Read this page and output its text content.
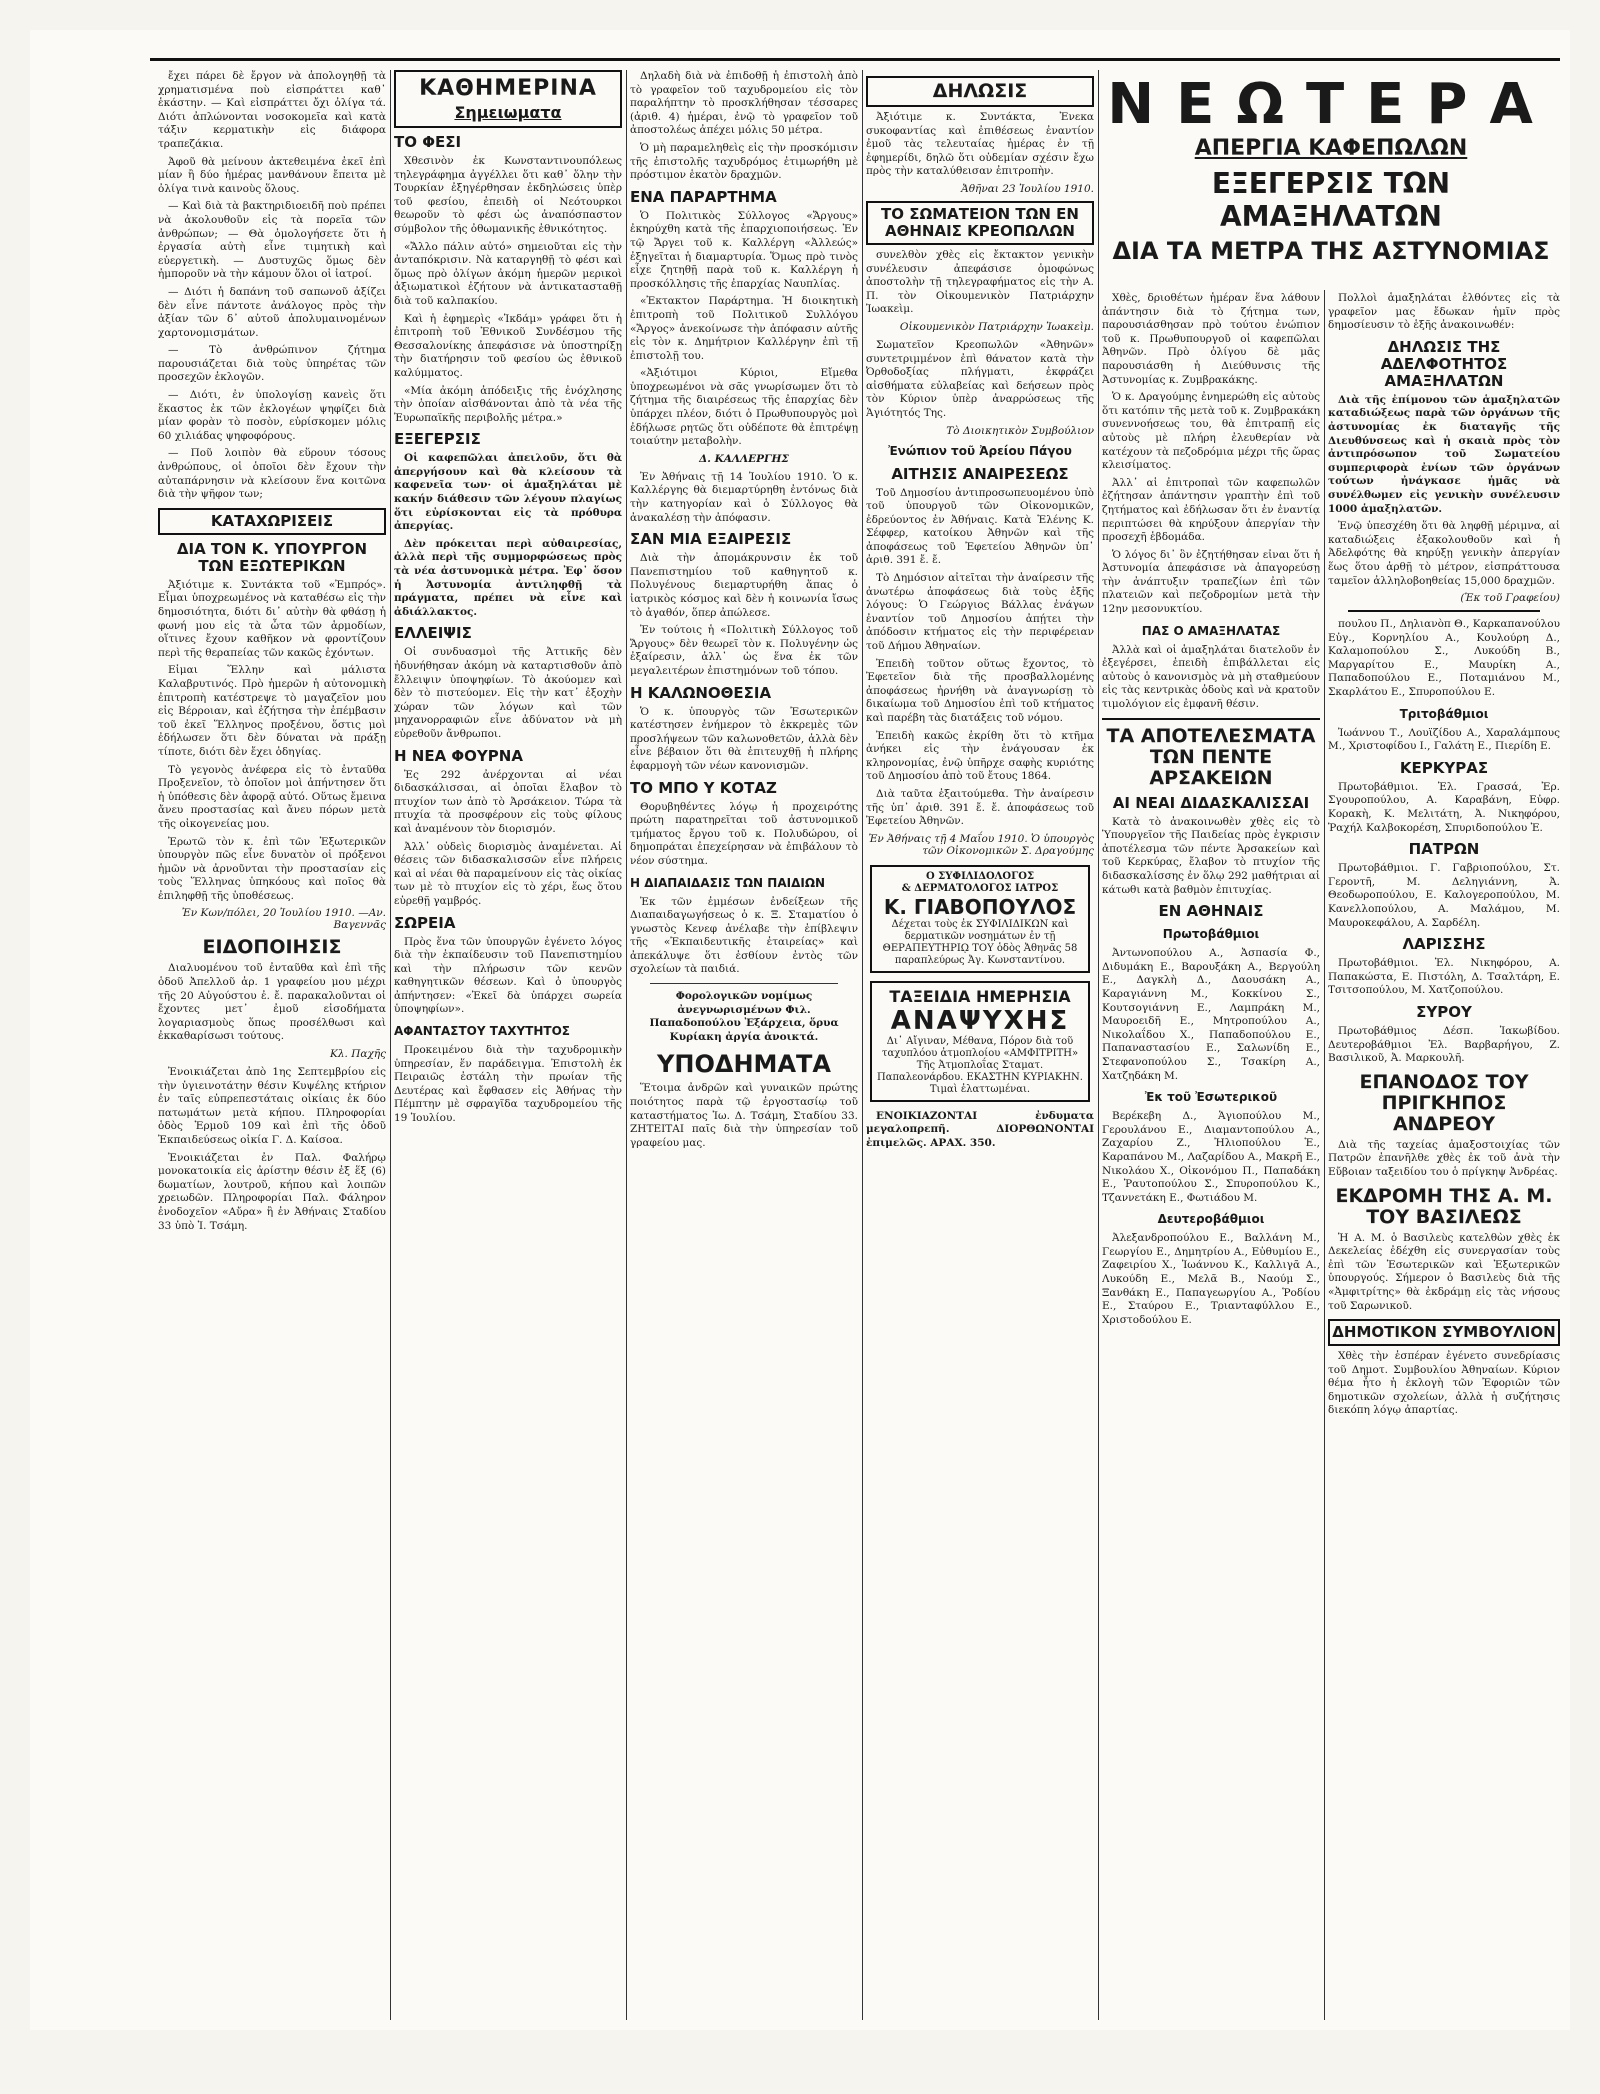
ἔχει πάρει δὲ ἔργον νὰ ἀπολογηθῇ τὰ χρηματισμένα ποὺ εἰσπράττει καθ᾽ ἑκάστην. — Καὶ εἰσπράττει ὄχι ὀλίγα τά. Διότι ἀπλώνονται νοσοκομεῖα καὶ κατὰ τάξιν κερματικὴν εἰς διάφορα τραπεζάκια.

Ἀφοῦ θὰ μείνουν ἀκτεθειμένα ἐκεῖ ἐπὶ μίαν ἢ δύο ἡμέρας μανθάνουν ἔπειτα μὲ ὀλίγα τινὰ καινοὺς ὅλους.

— Καὶ διὰ τὰ βακτηριδιοειδῆ ποὺ πρέπει νὰ ἀκολουθοῦν εἰς τὰ πορεῖα τῶν ἀνθρώπων; — Θὰ ὁμολογήσετε ὅτι ἡ ἐργασία αὐτὴ εἶνε τιμητικὴ καὶ εὐεργετικὴ. — Δυστυχῶς ὅμως δὲν ἠμποροῦν νὰ τὴν κάμουν ὅλοι οἱ ἰατροί.

— Διότι ἡ δαπάνη τοῦ σαπωνοῦ ἀξίζει δὲν εἶνε πάντοτε ἀνάλογος πρὸς τὴν ἀξίαν τῶν δ᾽ αὐτοῦ ἀπολυμαινομένων χαρτονομισμάτων.

— Τὸ ἀνθρώπινον ζήτημα παρουσιάζεται διὰ τοὺς ὑπηρέτας τῶν προσεχῶν ἐκλογῶν.

— Διότι, ἐν ὑπολογίσῃ κανεὶς ὅτι ἕκαστος ἐκ τῶν ἐκλογέων ψηφίζει διὰ μίαν φορὰν τὸ ποσὸν, εὑρίσκομεν μόλις 60 χιλιάδας ψηφοφόρους.

— Ποῦ λοιπὸν θὰ εὕρουν τόσους ἀνθρώπους, οἱ ὁποῖοι δὲν ἔχουν τὴν αὐταπάρνησιν νὰ κλείσουν ἕνα κοιτῶνα διὰ τὴν ψῆφον των;

ΚΑΤΑΧΩΡΙΣΕΙΣ
ΔΙΑ ΤΟΝ Κ. ΥΠΟΥΡΓΟΝ ΤΩΝ ΕΞΩΤΕΡΙΚΩΝ

Ἀξιότιμε κ. Συντάκτα τοῦ «Ἐμπρός». Εἶμαι ὑποχρεωμένος νὰ καταθέσω εἰς τὴν δημοσιότητα, διότι δι᾽ αὐτὴν θὰ φθάσῃ ἡ φωνή μου εἰς τὰ ὦτα τῶν ἁρμοδίων, οἵτινες ἔχουν καθῆκον νὰ φροντίζουν περὶ τῆς θεραπείας τῶν κακῶς ἐχόντων.

Εἶμαι Ἕλλην καὶ μάλιστα Καλαβρυτινός. Πρὸ ἡμερῶν ἡ αὐτονομικὴ ἐπιτροπὴ κατέστρεψε τὸ μαγαζεῖον μου εἰς Βέρροιαν, καὶ ἐζήτησα τὴν ἐπέμβασιν τοῦ ἐκεῖ Ἕλληνος προξένου, ὅστις μοὶ ἐδήλωσεν ὅτι δὲν δύναται νὰ πράξῃ τίποτε, διότι δὲν ἔχει ὁδηγίας.

Τὸ γεγονὸς ἀνέφερα εἰς τὸ ἐνταῦθα Προξενεῖον, τὸ ὁποῖον μοὶ ἀπήντησεν ὅτι ἡ ὑπόθεσις δὲν ἀφορᾷ αὐτό. Οὕτως ἔμεινα ἄνευ προστασίας καὶ ἄνευ πόρων μετὰ τῆς οἰκογενείας μου.

Ἐρωτῶ τὸν κ. ἐπὶ τῶν Ἐξωτερικῶν ὑπουργὸν πῶς εἶνε δυνατὸν οἱ πρόξενοι ἡμῶν νὰ ἀρνοῦνται τὴν προστασίαν εἰς τοὺς Ἕλληνας ὑπηκόους καὶ ποῖος θὰ ἐπιληφθῇ τῆς ὑποθέσεως.

Ἐν Κων/πόλει, 20 Ἰουλίου 1910. —Αν. Βαγεννᾶς
ΕΙΔΟΠΟΙΗΣΙΣ

Διαλυομένου τοῦ ἐνταῦθα καὶ ἐπὶ τῆς ὁδοῦ Ἀπελλοῦ ἀρ. 1 γραφείου μου μέχρι τῆς 20 Αὐγούστου ἐ. ἔ. παρακαλοῦνται οἱ ἔχοντες μετ᾽ ἐμοῦ εἰσοδήματα λογαριασμοὺς ὅπως προσέλθωσι καὶ ἐκκαθαρίσωσι τούτους.

Κλ. Παχῆς

Ἐνοικιάζεται ἀπὸ 1ης Σεπτεμβρίου εἰς τὴν ὑγιεινοτάτην θέσιν Κυψέλης κτήριον ἐν ταῖς εὐπρεπεστάταις οἰκίαις ἐκ δύο πατωμάτων μετὰ κήπου. Πληροφορίαι ὁδὸς Ἑρμοῦ 109 καὶ ἐπὶ τῆς ὁδοῦ Ἐκπαιδεύσεως οἰκία Γ. Δ. Καίσοα.

Ἐνοικιάζεται ἐν Παλ. Φαλήρῳ μονοκατοικία εἰς ἀρίστην θέσιν ἐξ ἕξ (6) δωματίων, λουτροῦ, κήπου καὶ λοιπῶν χρειωδῶν. Πληροφορίαι Παλ. Φάληρον ἐνοδοχεῖον «Αὔρα» ἢ ἐν Ἀθήναις Σταδίου 33 ὑπὸ Ἰ. Τσάμη.

ΚΑΘΗΜΕΡΙΝΑ
Σημειωματα
ΤΟ ΦΕΣΙ

Χθεσινὸν ἐκ Κωνσταντινουπόλεως τηλεγράφημα ἀγγέλλει ὅτι καθ᾽ ὅλην τὴν Τουρκίαν ἐξηγέρθησαν ἐκδηλώσεις ὑπὲρ τοῦ φεσίου, ἐπειδὴ οἱ Νεότουρκοι θεωροῦν τὸ φέσι ὡς ἀναπόσπαστον σύμβολον τῆς ὀθωμανικῆς ἐθνικότητος.

«Ἄλλο πάλιν αὐτό» σημειοῦται εἰς τὴν ἀνταπόκρισιν. Νὰ καταργηθῇ τὸ φέσι καὶ ὅμως πρὸ ὀλίγων ἀκόμη ἡμερῶν μερικοὶ ἀξιωματικοὶ ἐζήτουν νὰ ἀντικατασταθῇ διὰ τοῦ καλπακίου.

Καὶ ἡ ἐφημερὶς «Ἰκδάμ» γράφει ὅτι ἡ ἐπιτροπὴ τοῦ Ἐθνικοῦ Συνδέσμου τῆς Θεσσαλονίκης ἀπεφάσισε νὰ ὑποστηρίξῃ τὴν διατήρησιν τοῦ φεσίου ὡς ἐθνικοῦ καλύμματος.

«Μία ἀκόμη ἀπόδειξις τῆς ἐνόχλησης τὴν ὁποίαν αἰσθάνονται ἀπὸ τὰ νέα τῆς Ἐυρωπαϊκῆς περιβολῆς μέτρα.»

ΕΞΕΓΕΡΣΙΣ

Οἱ καφεπῶλαι ἀπειλοῦν, ὅτι θὰ ἀπεργήσουν καὶ θὰ κλείσουν τὰ καφενεῖα των· οἱ ἁμαξηλάται μὲ κακήν διάθεσιν τῶν λέγουν πλαγίως ὅτι εὑρίσκονται εἰς τὰ πρόθυρα ἀπεργίας.

Δὲν πρόκειται περὶ αὐθαιρεσίας, ἀλλὰ περὶ τῆς συμμορφώσεως πρὸς τὰ νέα ἀστυνομικὰ μέτρα. Ἐφ᾽ ὅσον ἡ Ἀστυνομία ἀντιληφθῇ τὰ πράγματα, πρέπει νὰ εἶνε καὶ ἀδιάλλακτος.

ΕΛΛΕΙΨΙΣ

Οἱ συνδυασμοὶ τῆς Ἀττικῆς δὲν ἠδυνήθησαν ἀκόμη νὰ καταρτισθοῦν ἀπὸ ἔλλειψιν ὑποψηφίων. Τὸ ἀκούομεν καὶ δὲν τὸ πιστεύομεν. Εἰς τὴν κατ᾽ ἐξοχὴν χώραν τῶν λόγων καὶ τῶν μηχανορραφιῶν εἶνε ἀδύνατον νὰ μὴ εὑρεθοῦν ἄνθρωποι.

Η ΝΕΑ ΦΟΥΡΝΑ

Ἐς 292 ἀνέρχονται αἱ νέαι διδασκάλισσαι, αἱ ὁποῖαι ἔλαβον τὸ πτυχίον των ἀπὸ τὸ Ἀρσάκειον. Τώρα τὰ πτυχία τὰ προσφέρουν εἰς τοὺς φίλους καὶ ἀναμένουν τὸν διορισμόν.

Ἀλλ᾽ οὐδεὶς διορισμὸς ἀναμένεται. Αἱ θέσεις τῶν διδασκαλισσῶν εἶνε πλήρεις καὶ αἱ νέαι θὰ παραμείνουν εἰς τὰς οἰκίας των μὲ τὸ πτυχίον εἰς τὸ χέρι, ἕως ὅτου εὑρεθῇ γαμβρός.

ΣΩΡΕΙΑ

Πρὸς ἕνα τῶν ὑπουργῶν ἐγένετο λόγος διὰ τὴν ἐκπαίδευσιν τοῦ Πανεπιστημίου καὶ τὴν πλήρωσιν τῶν κενῶν καθηγητικῶν θέσεων. Καὶ ὁ ὑπουργὸς ἀπήντησεν: «Ἐκεῖ δὰ ὑπάρχει σωρεία ὑποψηφίων».

ΑΦΑΝΤΑΣΤΟΥ ΤΑΧΥΤΗΤΟΣ

Προκειμένου διὰ τὴν ταχυδρομικὴν ὑπηρεσίαν, ἕν παράδειγμα. Ἐπιστολὴ ἐκ Πειραιῶς ἐστάλη τὴν πρωίαν τῆς Δευτέρας καὶ ἔφθασεν εἰς Ἀθήνας τὴν Πέμπτην μὲ σφραγῖδα ταχυδρομείου τῆς 19 Ἰουλίου.

Δηλαδὴ διὰ νὰ ἐπιδοθῇ ἡ ἐπιστολὴ ἀπὸ τὸ γραφεῖον τοῦ ταχυδρομείου εἰς τὸν παραλήπτην τὸ προσκλήθησαν τέσσαρες (ἀριθ. 4) ἡμέραι, ἐνῷ τὸ γραφεῖον τοῦ ἀποστολέως ἀπέχει μόλις 50 μέτρα.

Ὁ μὴ παραμεληθεὶς εἰς τὴν προσκόμισιν τῆς ἐπιστολῆς ταχυδρόμος ἐτιμωρήθη μὲ πρόστιμον ἑκατὸν δραχμῶν.

ΕΝΑ ΠΑΡΑΡΤΗΜΑ

Ὁ Πολιτικὸς Σύλλογος «Ἄργους» ἐκηρύχθη κατὰ τῆς ἐπαρχιοποιήσεως. Ἐν τῷ Ἄργει τοῦ κ. Καλλέργη «Ἀλλεώς» ἐξηγεῖται ἡ διαμαρτυρία. Ὅμως πρὸ τινὸς εἶχε ζητηθῇ παρὰ τοῦ κ. Καλλέργη ἡ προσκόλλησις τῆς ἐπαρχίας Ναυπλίας.

«Ἐκτακτον Παράρτημα. Ἡ διοικητικὴ ἐπιτροπὴ τοῦ Πολιτικοῦ Συλλόγου «Ἄργος» ἀνεκοίνωσε τὴν ἀπόφασιν αὐτῆς εἰς τὸν κ. Δημήτριον Καλλέργην ἐπὶ τῇ ἐπιστολῇ του.

«Ἀξιότιμοι Κύριοι, Εἴμεθα ὑποχρεωμένοι νὰ σᾶς γνωρίσωμεν ὅτι τὸ ζήτημα τῆς διαιρέσεως τῆς ἐπαρχίας δὲν ὑπάρχει πλέον, διότι ὁ Πρωθυπουργὸς μοὶ ἐδήλωσε ρητῶς ὅτι οὐδέποτε θὰ ἐπιτρέψῃ τοιαύτην μεταβολὴν.

Δ. ΚΑΛΛΕΡΓΗΣ

Ἐν Ἀθήναις τῇ 14 Ἰουλίου 1910. Ὁ κ. Καλλέργης θὰ διεμαρτύρηθη ἐντόνως διὰ τὴν κατηγορίαν καὶ ὁ Σύλλογος θὰ ἀνακαλέσῃ τὴν ἀπόφασιν.

ΣΑΝ ΜΙΑ ΕΞΑΙΡΕΣΙΣ

Διὰ τὴν ἀπομάκρυνσιν ἐκ τοῦ Πανεπιστημίου τοῦ καθηγητοῦ κ. Πολυγένους διεμαρτυρήθη ἅπας ὁ ἰατρικὸς κόσμος καὶ δὲν ἡ κοινωνία ἴσως τὸ ἀγαθόν, ὅπερ ἀπώλεσε.

Ἐν τούτοις ἡ «Πολιτικὴ Σύλλογος τοῦ Ἄργους» δὲν θεωρεῖ τὸν κ. Πολυγένην ὡς ἐξαίρεσιν, ἀλλ᾽ ὡς ἕνα ἐκ τῶν μεγαλειτέρων ἐπιστημόνων τοῦ τόπου.

Η ΚΑΛΩΝΟΘΕΣΙΑ

Ὁ κ. ὑπουργὸς τῶν Ἐσωτερικῶν κατέστησεν ἐνήμερον τὸ ἐκκρεμὲς τῶν προσλήψεων τῶν καλωνοθετῶν, ἀλλὰ δὲν εἶνε βέβαιον ὅτι θὰ ἐπιτευχθῇ ἡ πλήρης ἐφαρμογὴ τῶν νέων κανονισμῶν.

ΤΟ ΜΠΟ Υ ΚΟΤΑΖ

Θορυβηθέντες λόγῳ ἡ προχειρότης πρώτη παρατηρεῖται τοῦ ἀστυνομικοῦ τμήματος ἔργου τοῦ κ. Πολυδώρου, οἱ δημοπράται ἐπεχείρησαν νὰ ἐπιβάλουν τὸ νέον σύστημα.

Η ΔΙΑΠΑΙΔΑΣΙΣ ΤΩΝ ΠΑΙΔΙΩΝ

Ἐκ τῶν ἐμμέσων ἐνδείξεων τῆς Διαπαιδαγωγήσεως ὁ κ. Ξ. Σταματίου ὁ γνωστὸς Κενεφ ἀνέλαβε τὴν ἐπίβλεψιν τῆς «Ἐκπαιδευτικῆς ἐταιρείας» καὶ ἀπεκάλυψε ὅτι ἐσθίουν ἐντὸς τῶν σχολείων τὰ παιδιά.

Φορολογικῶν νομίμως ἀνεγνωρισμένων Φιλ. Παπαδοπούλου Ἐξάρχεια, ὅρυα Κυρίακη ἀργία ἀνοικτά.

ΥΠΟΔΗΜΑΤΑ

Ἕτοιμα ἀνδρῶν καὶ γυναικῶν πρώτης ποιότητος παρὰ τῷ ἐργοστασίῳ τοῦ καταστήματος Ἰω. Δ. Τσάμη, Σταδίου 33. ΖΗΤΕΙΤΑΙ παῖς διὰ τὴν ὑπηρεσίαν τοῦ γραφείου μας.

ΔΗΛΩΣΙΣ

Ἀξιότιμε κ. Συντάκτα, Ἐνεκα συκοφαντίας καὶ ἐπιθέσεως ἐναντίον ἐμοῦ τὰς τελευταίας ἡμέρας ἐν τῇ ἐφημερίδι, δηλῶ ὅτι οὐδεμίαν σχέσιν ἔχω πρὸς τὴν καταλύθεισαν ἐπιτροπὴν.

Ἀθῆναι 23 Ἰουλίου 1910.
ΤΟ ΣΩΜΑΤΕΙΟΝ ΤΩΝ ΕΝ ΑΘΗΝΑΙΣ ΚΡΕΟΠΩΛΩΝ

συνελθὸν χθὲς εἰς ἔκτακτον γενικὴν συνέλευσιν ἀπεφάσισε ὁμοφώνως ἀποστολὴν τῇ τηλεγραφήματος εἰς τὴν Α. Π. τὸν Οἰκουμενικὸν Πατριάρχην Ἰωακεὶμ.

Οἰκουμενικὸν Πατριάρχην Ἰωακεὶμ.

Σωματεῖον Κρεοπωλῶν «Ἀθηνῶν» συντετριμμένον ἐπὶ θάνατον κατὰ τὴν Ὀρθοδοξίας πλήγματι, ἐκφράζει αἰσθήματα εὐλαβείας καὶ δεήσεων πρὸς τὸν Κύριον ὑπὲρ ἀναρρώσεως τῆς Ἁγιότητός Της.

Τὸ Διοικητικὸν Συμβούλιον
Ἐνώπιον τοῦ Ἀρείου Πάγου
ΑΙΤΗΣΙΣ ΑΝΑΙΡΕΣΕΩΣ

Τοῦ Δημοσίου ἀντιπροσωπευομένου ὑπὸ τοῦ ὑπουργοῦ τῶν Οἰκονομικῶν, ἐδρεύοντος ἐν Ἀθήναις. Κατὰ Ἑλένης Κ. Σέφφερ, κατοίκου Ἀθηνῶν καὶ τῆς ἀποφάσεως τοῦ Ἐφετείου Ἀθηνῶν ὑπ᾽ ἀριθ. 391 ἔ. ἔ.

Τὸ Δημόσιον αἰτεῖται τὴν ἀναίρεσιν τῆς ἀνωτέρω ἀποφάσεως διὰ τοὺς ἑξῆς λόγους: Ὁ Γεώργιος Βάλλας ἐνάγων ἐναντίον τοῦ Δημοσίου ἀπῄτει τὴν ἀπόδοσιν κτήματος εἰς τὴν περιφέρειαν τοῦ Δήμου Ἀθηναίων.

Ἐπειδὴ τοῦτον οὕτως ἔχοντος, τὸ Ἐφετεῖον διὰ τῆς προσβαλλομένης ἀποφάσεως ἠρνήθη νὰ ἀναγνωρίσῃ τὸ δικαίωμα τοῦ Δημοσίου ἐπὶ τοῦ κτήματος καὶ παρέβη τὰς διατάξεις τοῦ νόμου.

Ἐπειδὴ κακῶς ἐκρίθη ὅτι τὸ κτῆμα ἀνήκει εἰς τὴν ἐνάγουσαν ἐκ κληρονομίας, ἐνῷ ὑπῆρχε σαφὴς κυριότης τοῦ Δημοσίου ἀπὸ τοῦ ἔτους 1864.

Διὰ ταῦτα ἐξαιτούμεθα. Τὴν ἀναίρεσιν τῆς ὑπ᾽ ἀριθ. 391 ἔ. ἔ. ἀποφάσεως τοῦ Ἐφετείου Ἀθηνῶν.

Ἐν Ἀθήναις τῇ 4 Μαΐου 1910. Ὁ ὑπουργὸς τῶν Οἰκονομικῶν Σ. Δραγούμης
Ο ΣΥΦΙΛΙΔΟΛΟΓΟΣ
& ΔΕΡΜΑΤΟΛΟΓΟΣ ΙΑΤΡΟΣ
Κ. ΓΙΑΒΟΠΟΥΛΟΣ
Δέχεται τοὺς ἐκ ΣΥΦΙΛΙΔΙΚΩΝ καὶ δερματικῶν νοσημάτων ἐν τῇ ΘΕΡΑΠΕΥΤΗΡΙῼ ΤΟΥ ὁδὸς Ἀθηνᾶς 58 παραπλεύρως Ἀγ. Κωνσταντίνου.
ΤΑΞΕΙΔΙΑ ΗΜΕΡΗΣΙΑ
ΑΝΑΨΥΧΗΣ
Δι᾽ Αἴγιναν, Μέθανα, Πόρον διὰ τοῦ ταχυπλόου ἀτμοπλοίου «ΑΜΦΙΤΡΙΤΗ» Τῆς Ἀτμοπλοΐας Σταματ. Παπαλεονάρδου. ΕΚΑΣΤΗΝ ΚΥΡΙΑΚΗΝ. Τιμαὶ ἐλαττωμέναι.

ΕΝΟΙΚΙΑΖΟΝΤΑΙ ἐνδυματα μεγαλοπρεπῆ. ΔΙΟΡΘΩΝΟΝΤΑΙ ἐπιμελῶς. ΑΡΑΧ. 350.

ΝΕΩΤΕΡΑ
ΑΠΕΡΓΙΑ ΚΑΦΕΠΩΛΩΝ
ΕΞΕΓΕΡΣΙΣ ΤΩΝ ΑΜΑΞΗΛΑΤΩΝ
ΔΙΑ ΤΑ ΜΕΤΡΑ ΤΗΣ ΑΣΤΥΝΟΜΙΑΣ

Χθὲς, δριοθέτων ἡμέραν ἕνα λάθουν ἀπάντησιν διὰ τὸ ζήτημα των, παρουσιάσθησαν πρὸ τούτου ἐνώπιον τοῦ κ. Πρωθυπουργοῦ οἱ καφεπῶλαι Ἀθηνῶν. Πρὸ ὀλίγου δὲ μᾶς παρουσιάσθη ἡ Διεύθυνσις τῆς Ἀστυνομίας κ. Ζυμβρακάκης.

Ὁ κ. Δραγούμης ἐνημερώθη εἰς αὐτοὺς ὅτι κατόπιν τῆς μετὰ τοῦ κ. Ζυμβρακάκη συνεννοήσεως του, θὰ ἐπιτραπῇ εἰς αὐτοὺς μὲ πλήρη ἐλευθερίαν νὰ κατέχουν τὰ πεζοδρόμια μέχρι τῆς ὥρας κλεισίματος.

Ἀλλ᾽ αἱ ἐπιτροπαὶ τῶν καφεπωλῶν ἐζήτησαν ἀπάντησιν γραπτὴν ἐπὶ τοῦ ζητήματος καὶ ἐδήλωσαν ὅτι ἐν ἐναντίᾳ περιπτώσει θὰ κηρύξουν ἀπεργίαν τὴν προσεχῆ ἑβδομάδα.

Ὁ λόγος δι᾽ ὃν ἐζητήθησαν εἶναι ὅτι ἡ Ἀστυνομία ἀπεφάσισε νὰ ἀπαγορεύσῃ τὴν ἀνάπτυξιν τραπεζίων ἐπὶ τῶν πλατειῶν καὶ πεζοδρομίων μετὰ τὴν 12ην μεσονυκτίου.

ΠΑΣ Ο ΑΜΑΞΗΛΑΤΑΣ

Ἀλλὰ καὶ οἱ ἁμαξηλάται διατελοῦν ἐν ἐξεγέρσει, ἐπειδὴ ἐπιβάλλεται εἰς αὐτοὺς ὁ κανονισμὸς νὰ μὴ σταθμεύουν εἰς τὰς κεντρικὰς ὁδοὺς καὶ νὰ κρατοῦν τιμολόγιον εἰς ἐμφανῆ θέσιν.

ΤΑ ΑΠΟΤΕΛΕΣΜΑΤΑ ΤΩΝ ΠΕΝΤΕ ΑΡΣΑΚΕΙΩΝ
ΑΙ ΝΕΑΙ ΔΙΔΑΣΚΑΛΙΣΣΑΙ

Κατὰ τὸ ἀνακοινωθὲν χθὲς εἰς τὸ Ὑπουργεῖον τῆς Παιδείας πρὸς ἐγκρισιν ἀποτέλεσμα τῶν πέντε Ἀρσακείων καὶ τοῦ Κερκύρας, ἔλαβον τὸ πτυχίον τῆς διδασκαλίσσης ἐν ὅλῳ 292 μαθήτριαι αἱ κάτωθι κατὰ βαθμὸν ἐπιτυχίας.

ΕΝ ΑΘΗΝΑΙΣ
Πρωτοβάθμιοι

Ἀντωνοπούλου Α., Ἀσπασία Φ., Διδυμάκη Ε., Βαρουξάκη Α., Βεργούλη Ε., Δαγκλὴ Δ., Δαουσάκη Α., Καραγιάννη Μ., Κοκκίνου Σ., Κουτσογιάννη Ε., Λαμπράκη Μ., Μαυροειδῆ Ε., Μητροπούλου Α., Νικολαΐδου Χ., Παπαδοπούλου Ε., Παπαναστασίου Ε., Σαλωνίδη Ε., Στεφανοπούλου Σ., Τσακίρη Α., Χατζηδάκη Μ.

Ἐκ τοῦ Ἐσωτερικοῦ

Βερέκεβη Δ., Ἁγιοπούλου Μ., Γερουλάνου Ε., Διαμαντοπούλου Α., Ζαχαρίου Ζ., Ἠλιοπούλου Ἑ., Καραπάνου Μ., Λαζαρίδου Α., Μακρῆ Ε., Νικολάου Χ., Οἰκονόμου Π., Παπαδάκη Ε., Ῥαυτοπούλου Σ., Σπυροπούλου Κ., Τζαννετάκη Ε., Φωτιάδου Μ.

Δευτεροβάθμιοι

Ἀλεξανδροπούλου Ε., Βαλλάνη Μ., Γεωργίου Ε., Δημητρίου Α., Εὐθυμίου Ε., Ζαφειρίου Χ., Ἰωάννου Κ., Καλλιγᾶ Α., Λυκούδη Ε., Μελᾶ Β., Ναούμ Σ., Ξανθάκη Ε., Παπαγεωργίου Α., Ῥοδίου Ε., Σταύρου Ε., Τριανταφύλλου Ε., Χριστοδούλου Ε.

Πολλοὶ ἁμαξηλάται ἐλθόντες εἰς τὰ γραφεῖον μας ἔδωκαν ἡμῖν πρὸς δημοσίευσιν τὸ ἑξῆς ἀνακοινωθέν:

ΔΗΛΩΣΙΣ ΤΗΣ ΑΔΕΛΦΟΤΗΤΟΣ ΑΜΑΞΗΛΑΤΩΝ

Διὰ τῆς ἐπίμονου τῶν ἁμαξηλατῶν καταδιώξεως παρὰ τῶν ὀργάνων τῆς ἀστυνομίας ἐκ διαταγῆς τῆς Διευθύνσεως καὶ ἡ σκαιὰ πρὸς τὸν ἀντιπρόσωπον τοῦ Σωματείου συμπεριφορὰ ἐνίων τῶν ὀργάνων τούτων ἠνάγκασε ἡμᾶς νὰ συνέλθωμεν εἰς γενικὴν συνέλευσιν 1000 ἁμαξηλατῶν.

Ἐνῷ ὑπεσχέθη ὅτι θὰ ληφθῇ μέριμνα, αἱ καταδιώξεις ἐξακολουθοῦν καὶ ἡ Ἀδελφότης θὰ κηρύξῃ γενικὴν ἀπεργίαν ἕως ὅτου ἀρθῇ τὸ μέτρον, εἰσπράττουσα ταμεῖον ἀλληλοβοηθείας 15,000 δραχμῶν.

(Ἐκ τοῦ Γραφείου)

πουλου Π., Δηλιανὸπ Θ., Καρκαπανούλου Εὐγ., Κορνηλίου Α., Κουλούρη Δ., Καλαμοπούλου Σ., Λυκούδη Β., Μαργαρίτου Ε., Μαυρίκη Α., Παπαδοπούλου Ε., Ποταμιάνου Μ., Σκαρλάτου Ε., Σπυροπούλου Ε.

Τριτοβάθμιοι

Ἰωάννου Τ., Λουϊζίδου Α., Χαραλάμπους Μ., Χριστοφίδου Ι., Γαλάτη Ε., Πιερίδη Ε.

ΚΕΡΚΥΡΑΣ

Πρωτοβάθμιοι. Ἐλ. Γρασσά, Ἐρ. Σγουροπούλου, Α. Καραβάνη, Εὐφρ. Κορακὴ, Κ. Μελιτάτη, Ἀ. Νικηφόρου, Ῥαχήλ Καλβοκορέση, Σπυριδοπούλου Ἐ.

ΠΑΤΡΩΝ

Πρωτοβάθμιοι. Γ. Γαβριοπούλου, Στ. Γεροντῆ, Μ. Δεληγιάννη, Ἀ. Θεοδωροπούλου, Ε. Καλογεροπούλου, Μ. Κανελλοπούλου, Α. Μαλάμου, Μ. Μαυροκεφάλου, Α. Σαρδέλη.

ΛΑΡΙΣΣΗΣ

Πρωτοβάθμιοι. Ἑλ. Νικηφόρου, Α. Παπακώστα, Ε. Πιστόλη, Δ. Τσαλτάρη, Ε. Τσιτσοπούλου, Μ. Χατζοπούλου.

ΣΥΡΟΥ

Πρωτοβάθμιος Δέσπ. Ἰακωβίδου. Δευτεροβάθμιοι Ἐλ. Βαρβαρήγου, Ζ. Βασιλικοῦ, Ἀ. Μαρκουλῆ.

ΕΠΑΝΟΔΟΣ ΤΟΥ ΠΡΙΓΚΗΠΟΣ ΑΝΔΡΕΟΥ

Διὰ τῆς ταχείας ἁμαξοστοιχίας τῶν Πατρῶν ἐπανῆλθε χθὲς ἐκ τοῦ ἀνὰ τὴν Εὔβοιαν ταξειδίου του ὁ πρίγκηψ Ἀνδρέας.

ΕΚΔΡΟΜΗ ΤΗΣ Α. Μ. ΤΟΥ ΒΑΣΙΛΕΩΣ

Ἡ Α. Μ. ὁ Βασιλεὺς κατελθὼν χθὲς ἐκ Δεκελείας ἐδέχθη εἰς συνεργασίαν τοὺς ἐπὶ τῶν Ἐσωτερικῶν καὶ Ἐξωτερικῶν ὑπουργούς. Σήμερον ὁ Βασιλεὺς διὰ τῆς «Ἀμφιτρίτης» θὰ ἐκδράμῃ εἰς τὰς νήσους τοῦ Σαρωνικοῦ.

ΔΗΜΟΤΙΚΟΝ ΣΥΜΒΟΥΛΙΟΝ

Χθὲς τὴν ἑσπέραν ἐγένετο συνεδρίασις τοῦ Δημοτ. Συμβουλίου Ἀθηναίων. Κύριον θέμα ἦτο ἡ ἐκλογὴ τῶν Ἐφοριῶν τῶν δημοτικῶν σχολείων, ἀλλὰ ἡ συζήτησις διεκόπη λόγῳ ἀπαρτίας.
